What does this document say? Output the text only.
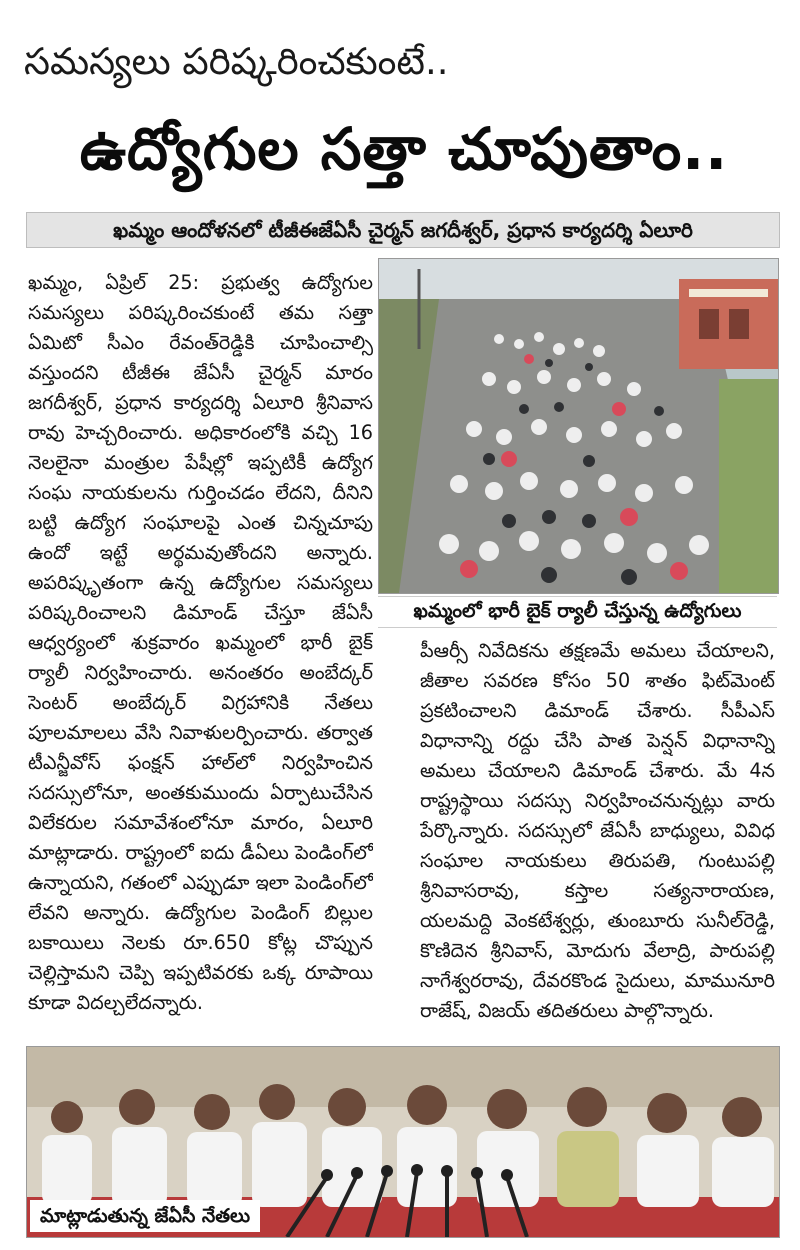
సమస్యలు పరిష్కరించకుంటే..
ఉద్యోగుల సత్తా చూపుతాం..
ఖమ్మం ఆందోళనలో టీజీఈజేఏసీ చైర్మన్ జగదీశ్వర్, ప్రధాన కార్యదర్శి ఏలూరి
ఖమ్మం, ఏప్రిల్ 25: ప్రభుత్వ ఉద్యోగుల సమస్యలు పరిష్కరించకుంటే తమ సత్తా ఏమిటో సీఎం రేవంత్‌రెడ్డికి చూపించాల్సి వస్తుందని టీజీఈ జేఏసీ చైర్మన్ మారం జగదీశ్వర్, ప్రధాన కార్యదర్శి ఏలూరి శ్రీనివాస రావు హెచ్చరించారు. అధికారంలోకి వచ్చి 16 నెలలైనా మంత్రుల పేషీల్లో ఇప్పటికీ ఉద్యోగ సంఘ నాయకులను గుర్తించడం లేదని, దీనిని బట్టి ఉద్యోగ సంఘాలపై ఎంత చిన్నచూపు ఉందో ఇట్టే అర్థమవుతోందని అన్నారు. అపరిష్కృతంగా ఉన్న ఉద్యోగుల సమస్యలు పరిష్కరించాలని డిమాండ్ చేస్తూ జేఏసీ ఆధ్వర్యంలో శుక్రవారం ఖమ్మంలో భారీ బైక్ ర్యాలీ నిర్వహించారు. అనంతరం అంబేద్కర్ సెంటర్ అంబేద్కర్ విగ్రహానికి నేతలు పూలమాలలు వేసి నివాళులర్పించారు. తర్వాత టీఎన్జీవోస్ ఫంక్షన్ హాల్‌లో నిర్వహించిన సదస్సులోనూ, అంతకుముందు ఏర్పాటుచేసిన విలేకరుల సమావేశంలోనూ మారం, ఏలూరి మాట్లాడారు. రాష్ట్రంలో ఐదు డీఏలు పెండింగ్‌లో ఉన్నాయని, గతంలో ఎప్పుడూ ఇలా పెండింగ్‌లో లేవని అన్నారు. ఉద్యోగుల పెండింగ్ బిల్లుల బకాయిలు నెలకు రూ.650 కోట్ల చొప్పున చెల్లిస్తామని చెప్పి ఇప్పటివరకు ఒక్క రూపాయి కూడా విదల్చలేదన్నారు.
ఖమ్మంలో భారీ బైక్ ర్యాలీ చేస్తున్న ఉద్యోగులు
పీఆర్సీ నివేదికను తక్షణమే అమలు చేయాలని, జీతాల సవరణ కోసం 50 శాతం ఫిట్‌మెంట్ ప్రకటించాలని డిమాండ్ చేశారు. సీపీఎస్ విధానాన్ని రద్దు చేసి పాత పెన్షన్ విధానాన్ని అమలు చేయాలని డిమాండ్ చేశారు. మే 4న రాష్ట్రస్థాయి సదస్సు నిర్వహించనున్నట్లు వారు పేర్కొన్నారు. సదస్సులో జేఏసీ బాధ్యులు, వివిధ సంఘాల నాయకులు తిరుపతి, గుంటుపల్లి శ్రీనివాసరావు, కస్తాల సత్యనారాయణ, యలమద్ది వెంకటేశ్వర్లు, తుంబూరు సునీల్‌రెడ్డి, కొణిదెన శ్రీనివాస్, మోదుగు వేలాద్రి, పారుపల్లి నాగేశ్వరరావు, దేవరకొండ సైదులు, మామునూరి రాజేష్, విజయ్ తదితరులు పాల్గొన్నారు.
మాట్లాడుతున్న జేఏసీ నేతలు
